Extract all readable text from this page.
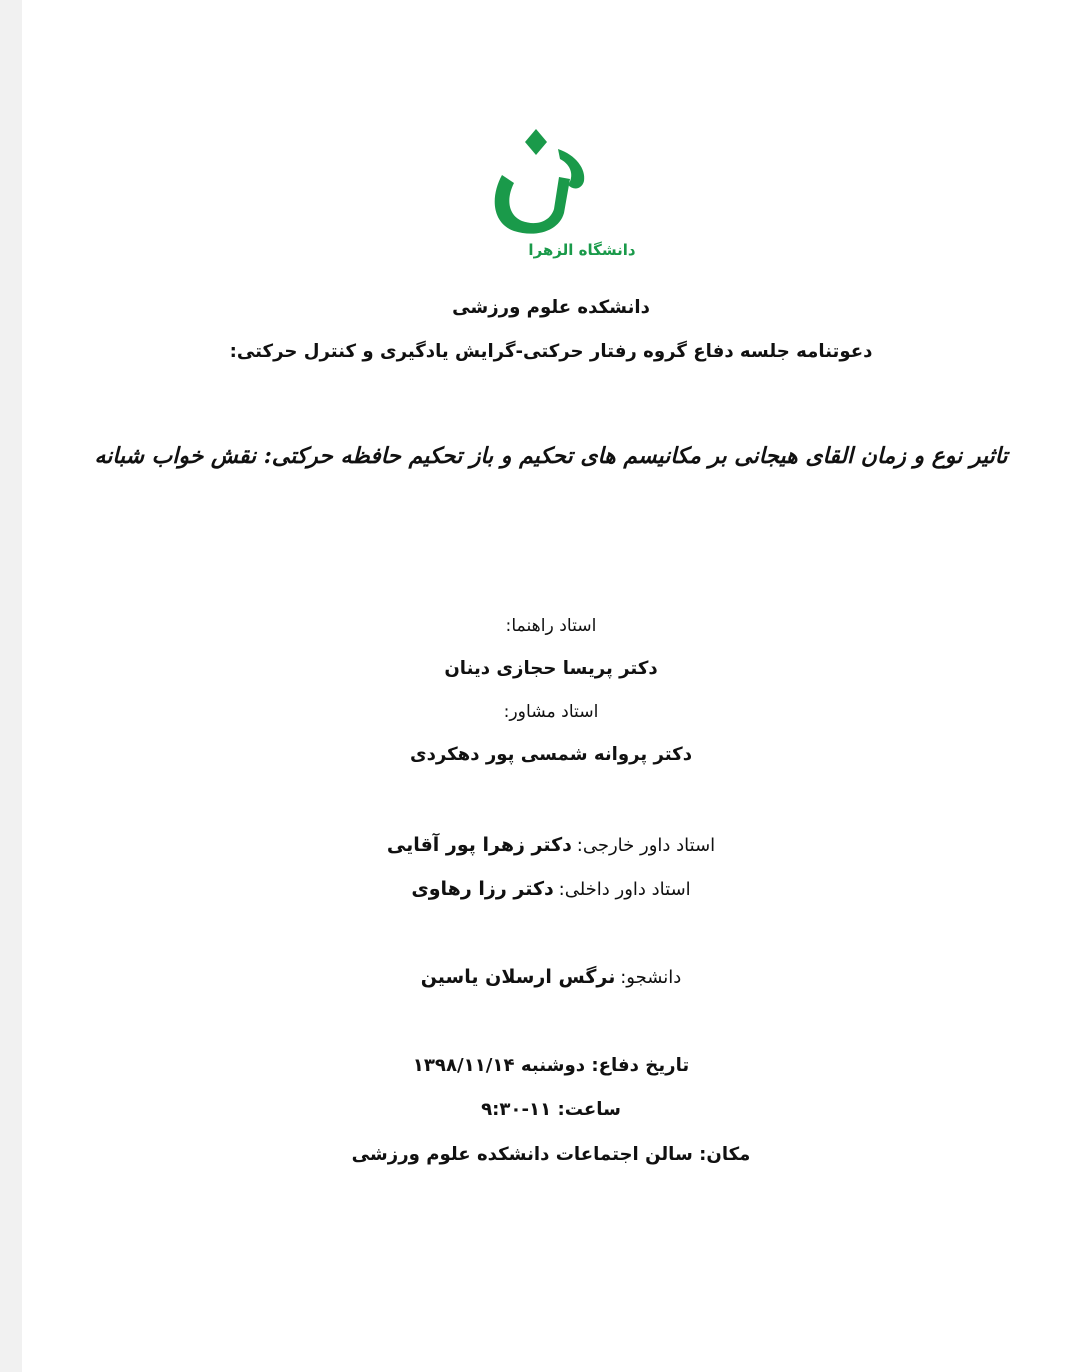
دانشگاه الزهرا
دانشکده علوم ورزشی
دعوتنامه جلسه دفاع گروه رفتار حرکتی-گرایش یادگیری و کنترل حرکتی:
تاثیر نوع و زمان القای هیجانی بر مکانیسم های تحکیم و باز تحکیم حافظه حرکتی: نقش خواب شبانه
استاد راهنما:
دکتر پریسا حجازی دینان
استاد مشاور:
دکتر پروانه شمسی پور دهکردی
استاد داور خارجی: دکتر زهرا پور آقایی
استاد داور داخلی: دکتر رزا رهاوی
دانشجو: نرگس ارسلان یاسین
تاریخ دفاع: دوشنبه ۱۳۹۸/۱۱/۱۴
ساعت: ۱۱-۹:۳۰
مکان: سالن اجتماعات دانشکده علوم ورزشی
